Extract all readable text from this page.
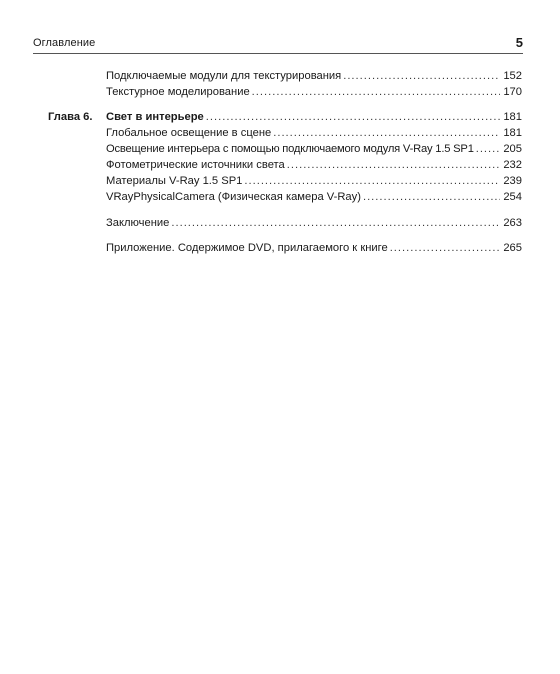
Оглавление	5
Подключаемые модули для текстурирования .....	152
Текстурное моделирование .....	170
Глава 6.	Свет в интерьере .....	181
Глобальное освещение в сцене .....	181
Освещение интерьера с помощью подключаемого модуля V-Ray 1.5 SP1 .....	205
Фотометрические источники света .....	232
Материалы V-Ray 1.5 SP1 .....	239
VRayPhysicalCamera (Физическая камера V-Ray) .....	254
Заключение .....	263
Приложение. Содержимое DVD, прилагаемого к книге .....	265
